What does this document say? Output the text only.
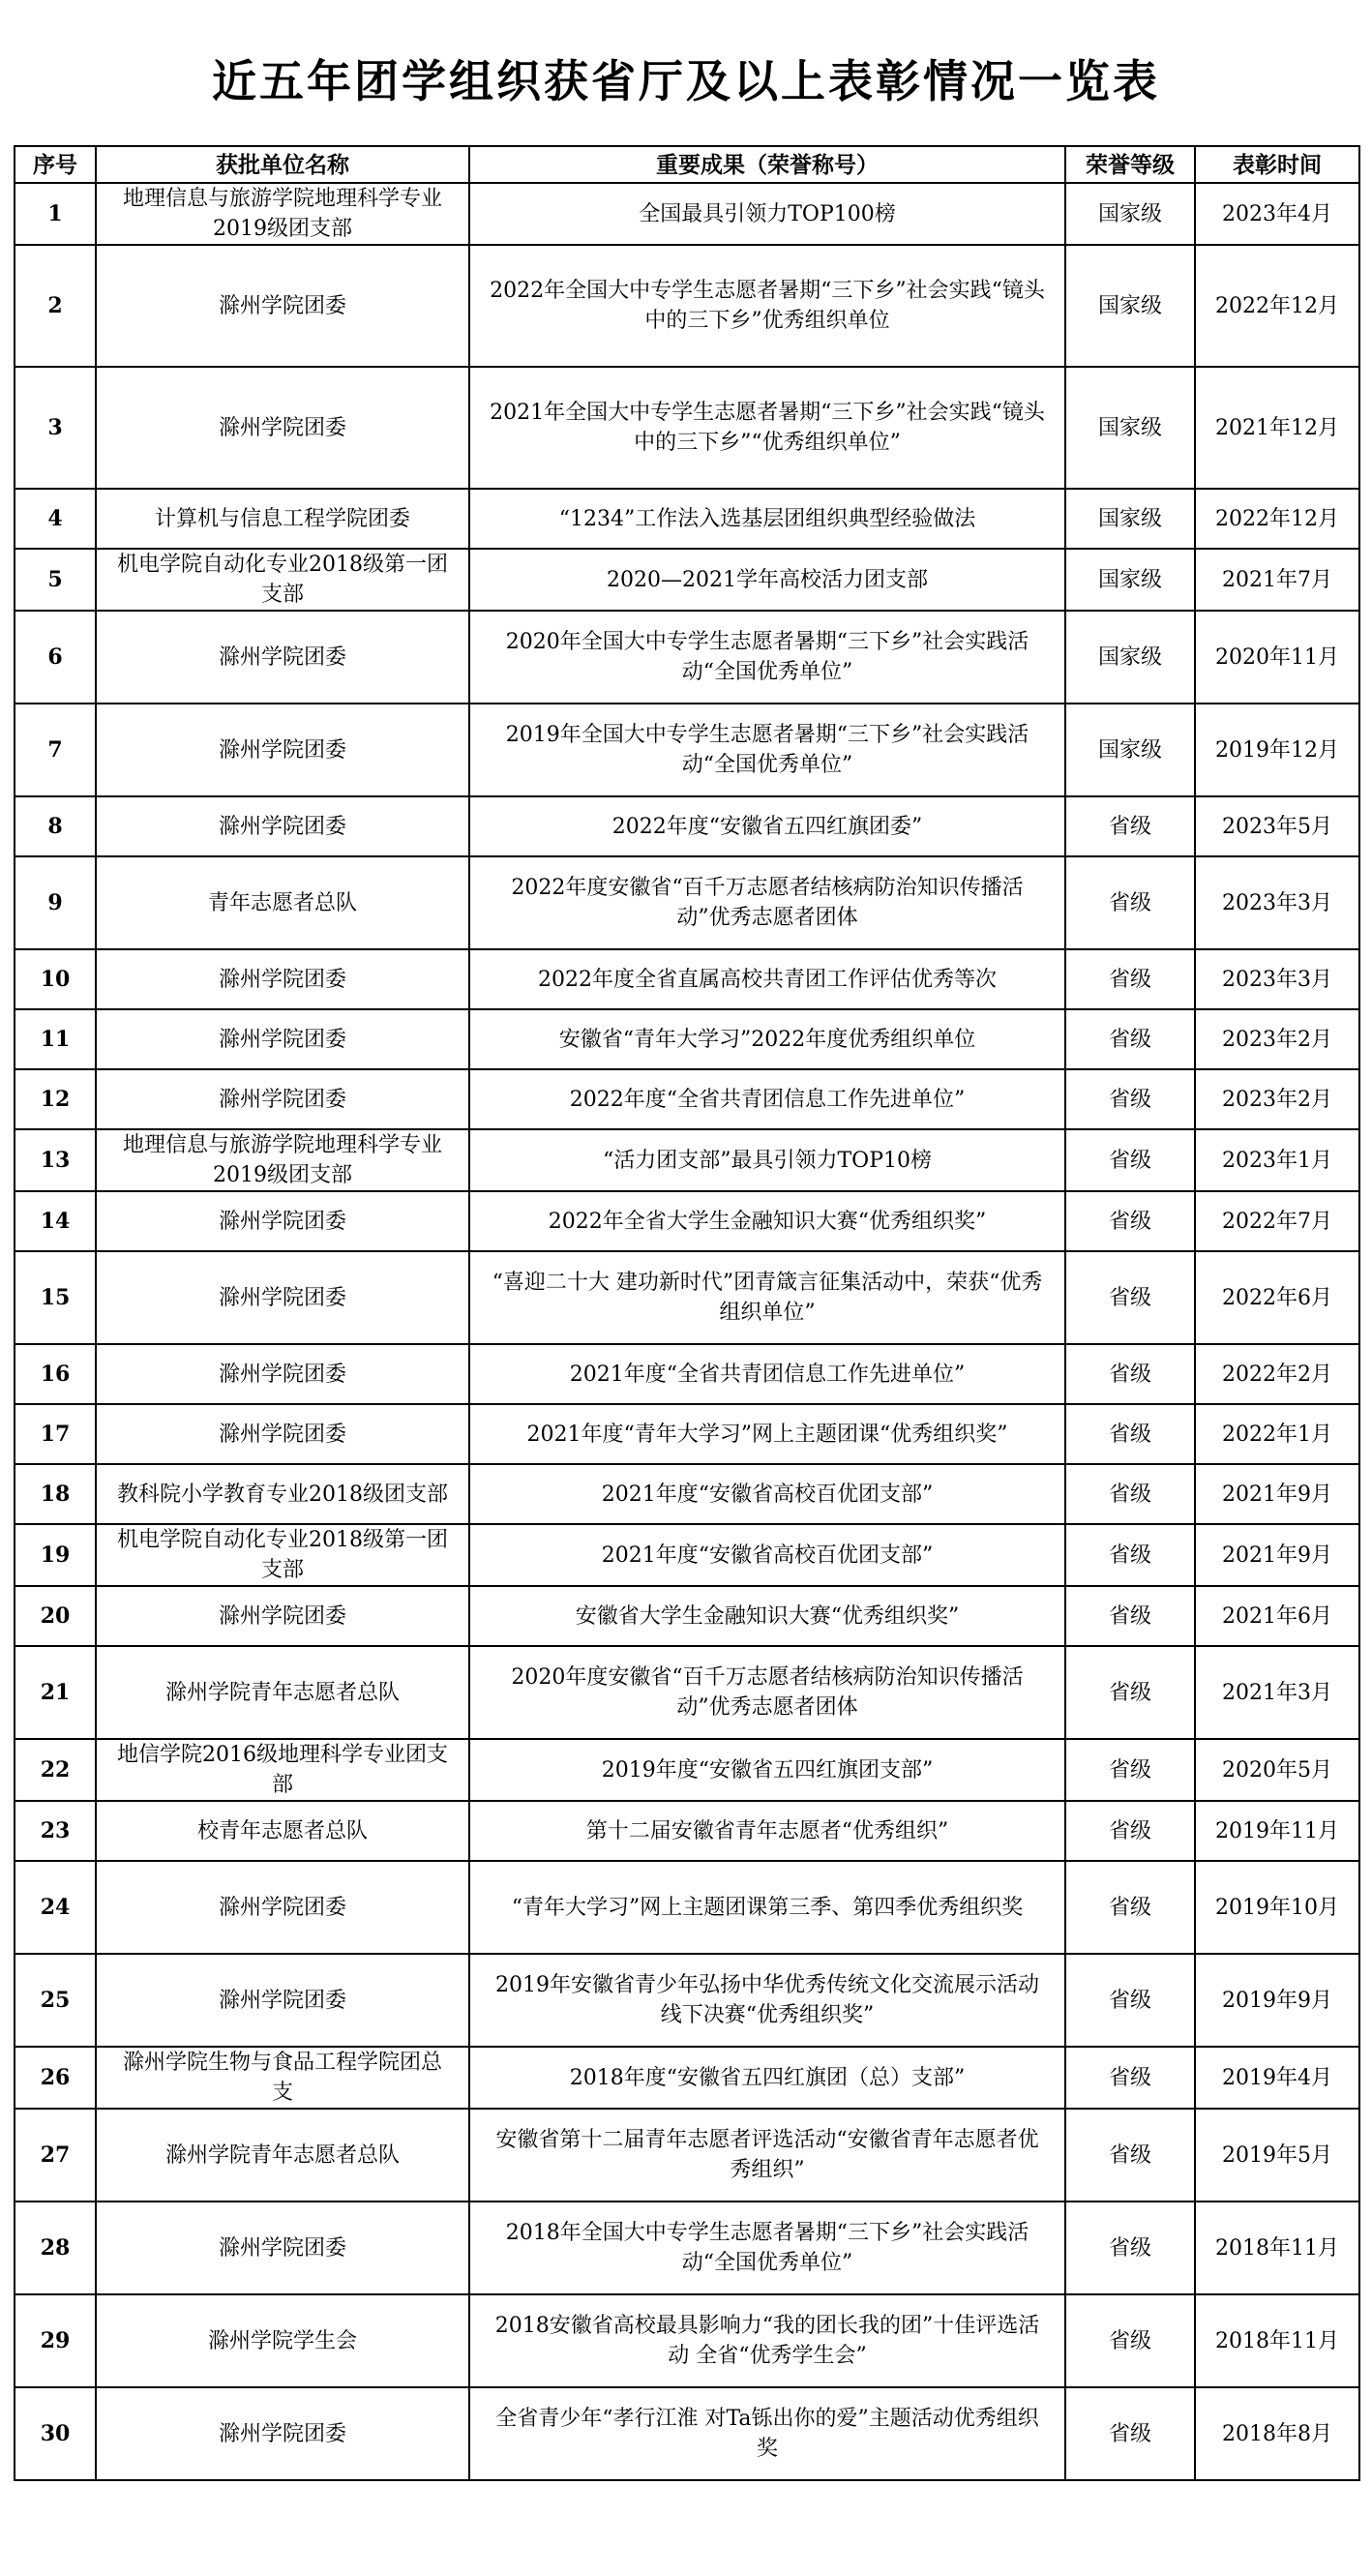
近五年团学组织获省厅及以上表彰情况一览表
序号	获批单位名称	重要成果（荣誉称号）	荣誉等级	表彰时间
1	地理信息与旅游学院地理科学专业2019级团支部	全国最具引领力TOP100榜	国家级	2023年4月
2	滁州学院团委	2022年全国大中专学生志愿者暑期“三下乡”社会实践“镜头中的三下乡”优秀组织单位	国家级	2022年12月
3	滁州学院团委	2021年全国大中专学生志愿者暑期“三下乡”社会实践“镜头中的三下乡”“优秀组织单位”	国家级	2021年12月
4	计算机与信息工程学院团委	“1234”工作法入选基层团组织典型经验做法	国家级	2022年12月
5	机电学院自动化专业2018级第一团支部	2020—2021学年高校活力团支部	国家级	2021年7月
6	滁州学院团委	2020年全国大中专学生志愿者暑期“三下乡”社会实践活动“全国优秀单位”	国家级	2020年11月
7	滁州学院团委	2019年全国大中专学生志愿者暑期“三下乡”社会实践活动“全国优秀单位”	国家级	2019年12月
8	滁州学院团委	2022年度“安徽省五四红旗团委”	省级	2023年5月
9	青年志愿者总队	2022年度安徽省“百千万志愿者结核病防治知识传播活动”优秀志愿者团体	省级	2023年3月
10	滁州学院团委	2022年度全省直属高校共青团工作评估优秀等次	省级	2023年3月
11	滁州学院团委	安徽省“青年大学习”2022年度优秀组织单位	省级	2023年2月
12	滁州学院团委	2022年度“全省共青团信息工作先进单位”	省级	2023年2月
13	地理信息与旅游学院地理科学专业2019级团支部	“活力团支部”最具引领力TOP10榜	省级	2023年1月
14	滁州学院团委	2022年全省大学生金融知识大赛“优秀组织奖”	省级	2022年7月
15	滁州学院团委	“喜迎二十大 建功新时代”团青箴言征集活动中，荣获“优秀组织单位”	省级	2022年6月
16	滁州学院团委	2021年度“全省共青团信息工作先进单位”	省级	2022年2月
17	滁州学院团委	2021年度“青年大学习”网上主题团课“优秀组织奖”	省级	2022年1月
18	教科院小学教育专业2018级团支部	2021年度“安徽省高校百优团支部”	省级	2021年9月
19	机电学院自动化专业2018级第一团支部	2021年度“安徽省高校百优团支部”	省级	2021年9月
20	滁州学院团委	安徽省大学生金融知识大赛“优秀组织奖”	省级	2021年6月
21	滁州学院青年志愿者总队	2020年度安徽省“百千万志愿者结核病防治知识传播活动”优秀志愿者团体	省级	2021年3月
22	地信学院2016级地理科学专业团支部	2019年度“安徽省五四红旗团支部”	省级	2020年5月
23	校青年志愿者总队	第十二届安徽省青年志愿者“优秀组织”	省级	2019年11月
24	滁州学院团委	“青年大学习”网上主题团课第三季、第四季优秀组织奖	省级	2019年10月
25	滁州学院团委	2019年安徽省青少年弘扬中华优秀传统文化交流展示活动线下决赛“优秀组织奖”	省级	2019年9月
26	滁州学院生物与食品工程学院团总支	2018年度“安徽省五四红旗团（总）支部”	省级	2019年4月
27	滁州学院青年志愿者总队	安徽省第十二届青年志愿者评选活动“安徽省青年志愿者优秀组织”	省级	2019年5月
28	滁州学院团委	2018年全国大中专学生志愿者暑期“三下乡”社会实践活动“全国优秀单位”	省级	2018年11月
29	滁州学院学生会	2018安徽省高校最具影响力“我的团长我的团”十佳评选活动 全省“优秀学生会”	省级	2018年11月
30	滁州学院团委	全省青少年“孝行江淮 对Ta铄出你的爱”主题活动优秀组织奖	省级	2018年8月
